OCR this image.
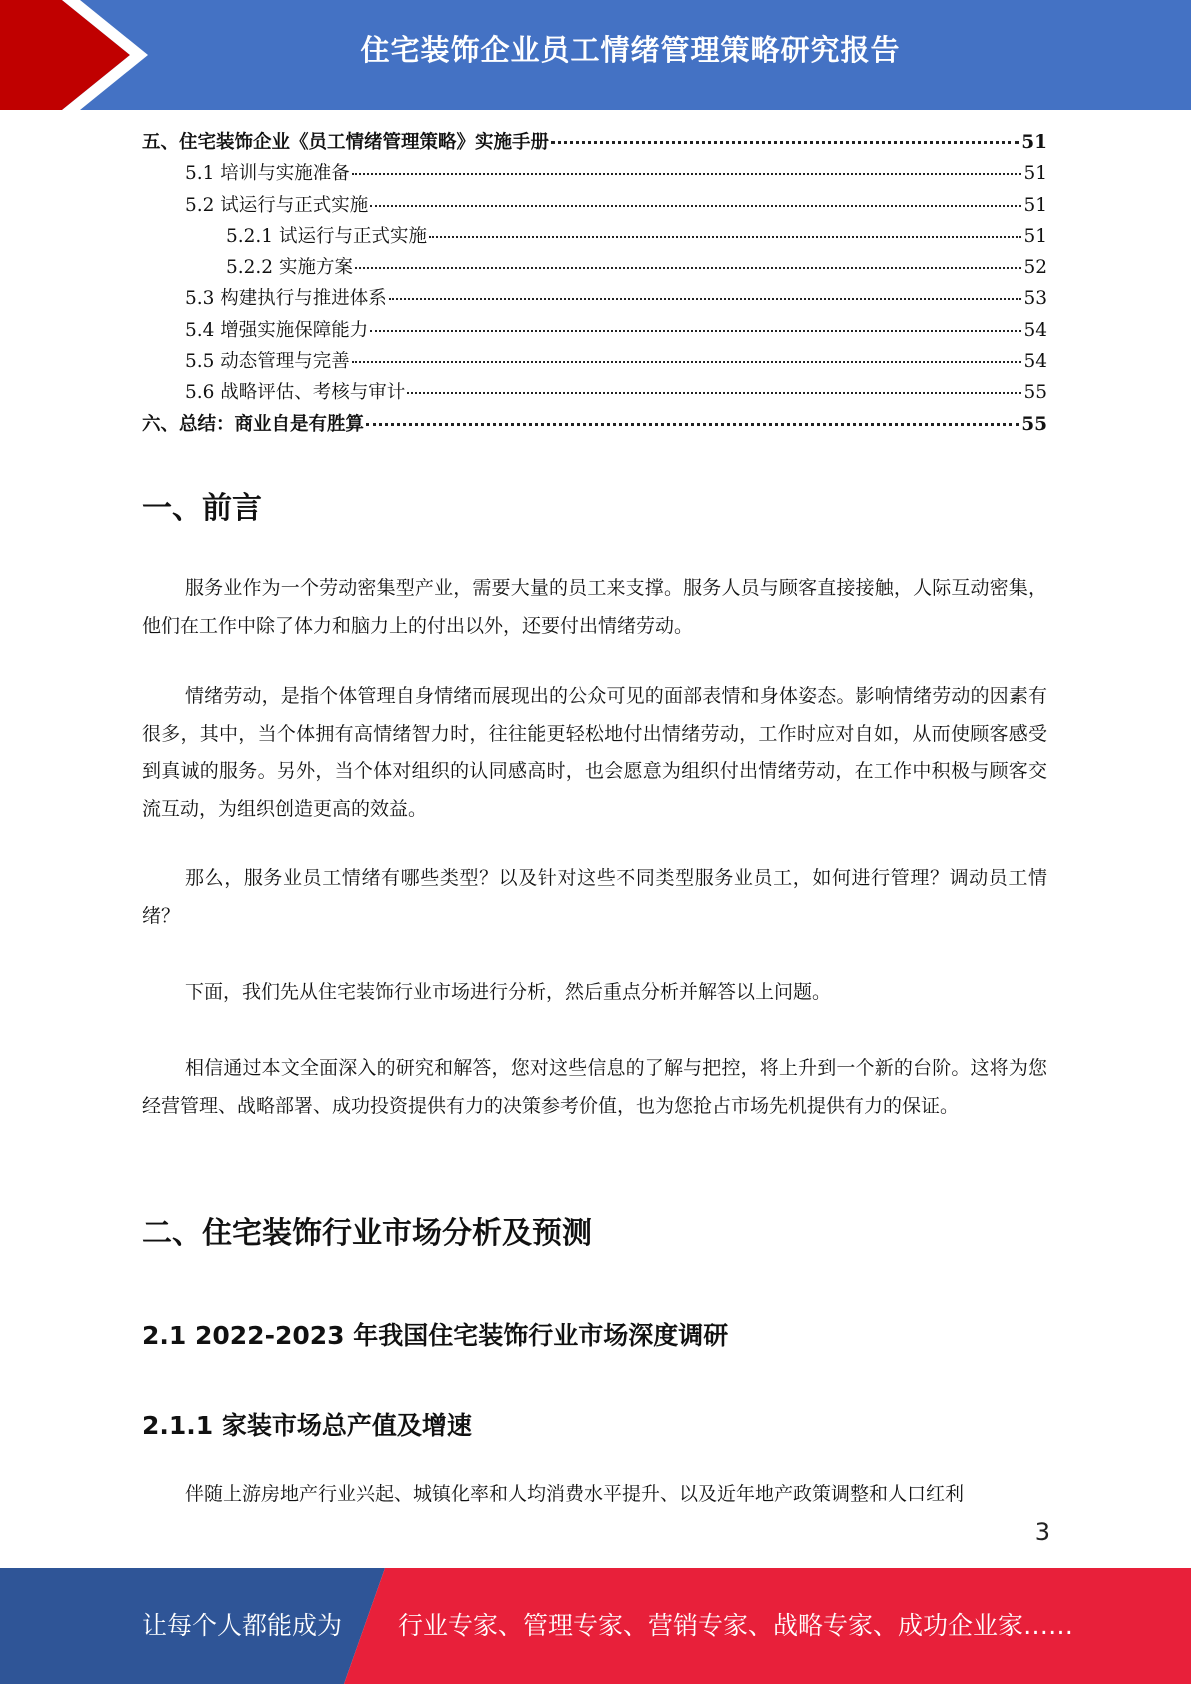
住宅装饰企业员工情绪管理策略研究报告
五、住宅装饰企业《员工情绪管理策略》实施手册	51
5.1 培训与实施准备	51
5.2 试运行与正式实施	51
5.2.1 试运行与正式实施	51
5.2.2 实施方案	52
5.3 构建执行与推进体系	53
5.4 增强实施保障能力	54
5.5 动态管理与完善	54
5.6 战略评估、考核与审计	55
六、总结：商业自是有胜算	55
一、前言

服务业作为一个劳动密集型产业，需要大量的员工来支撑。服务人员与顾客直接接触，人际互动密集，他们在工作中除了体力和脑力上的付出以外，还要付出情绪劳动。

情绪劳动，是指个体管理自身情绪而展现出的公众可见的面部表情和身体姿态。影响情绪劳动的因素有很多，其中，当个体拥有高情绪智力时，往往能更轻松地付出情绪劳动，工作时应对自如，从而使顾客感受到真诚的服务。另外，当个体对组织的认同感高时，也会愿意为组织付出情绪劳动，在工作中积极与顾客交流互动，为组织创造更高的效益。

那么，服务业员工情绪有哪些类型？以及针对这些不同类型服务业员工，如何进行管理？调动员工情绪？

下面，我们先从住宅装饰行业市场进行分析，然后重点分析并解答以上问题。

相信通过本文全面深入的研究和解答，您对这些信息的了解与把控，将上升到一个新的台阶。这将为您经营管理、战略部署、成功投资提供有力的决策参考价值，也为您抢占市场先机提供有力的保证。

二、住宅装饰行业市场分析及预测
2.1 2022-2023 年我国住宅装饰行业市场深度调研
2.1.1 家装市场总产值及增速

伴随上游房地产行业兴起、城镇化率和人均消费水平提升、以及近年地产政策调整和人口红利

3
让每个人都能成为 行业专家、管理专家、营销专家、战略专家、成功企业家……
